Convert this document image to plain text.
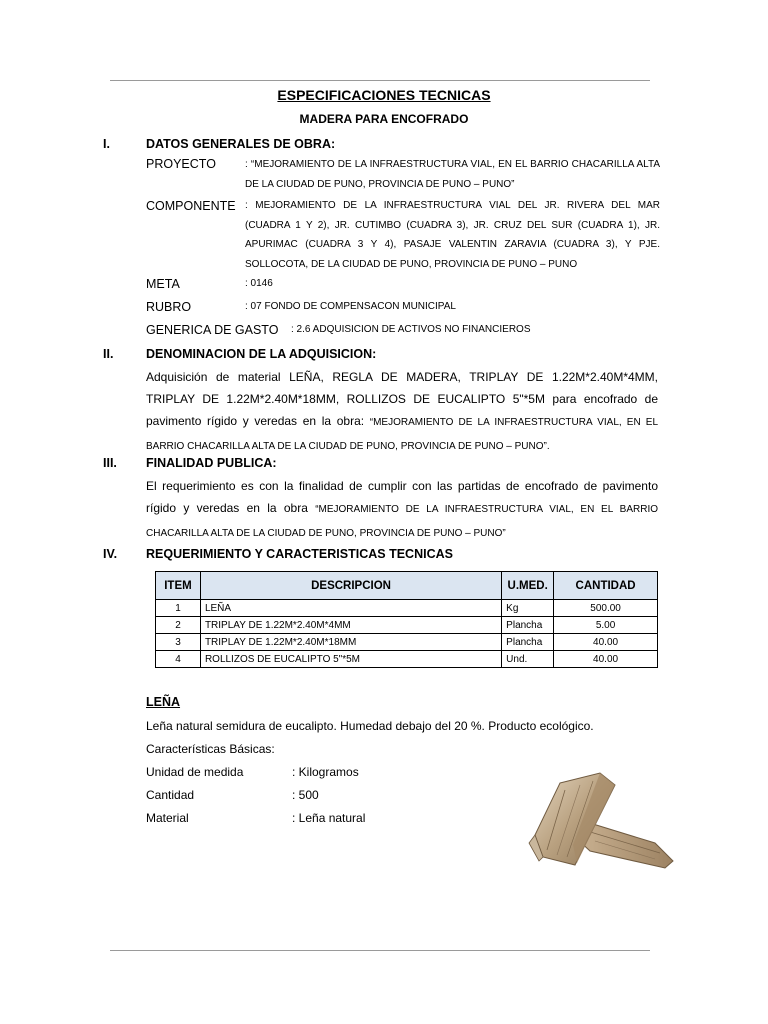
ESPECIFICACIONES TECNICAS
MADERA PARA ENCOFRADO
I.	DATOS GENERALES DE OBRA:
PROYECTO	: “MEJORAMIENTO DE LA INFRAESTRUCTURA VIAL, EN EL BARRIO CHACARILLA ALTA DE LA CIUDAD DE PUNO, PROVINCIA DE PUNO – PUNO”
COMPONENTE : MEJORAMIENTO DE LA INFRAESTRUCTURA VIAL DEL JR. RIVERA DEL MAR (CUADRA 1 Y 2), JR. CUTIMBO (CUADRA 3), JR. CRUZ DEL SUR (CUADRA 1), JR. APURIMAC (CUADRA 3 Y 4), PASAJE VALENTIN ZARAVIA (CUADRA 3), Y PJE. SOLLOCOTA, DE LA CIUDAD DE PUNO, PROVINCIA DE PUNO – PUNO
META	: 0146
RUBRO	: 07 FONDO DE COMPENSACON MUNICIPAL
GENERICA DE GASTO : 2.6 ADQUISICION DE ACTIVOS NO FINANCIEROS
II.	DENOMINACION DE LA ADQUISICION:
Adquisición de material LEÑA, REGLA DE MADERA, TRIPLAY DE 1.22M*2.40M*4MM, TRIPLAY DE 1.22M*2.40M*18MM, ROLLIZOS DE EUCALIPTO 5"*5M para encofrado de pavimento rígido y veredas en la obra: “MEJORAMIENTO DE LA INFRAESTRUCTURA VIAL, EN EL BARRIO CHACARILLA ALTA DE LA CIUDAD DE PUNO, PROVINCIA DE PUNO – PUNO”.
III. FINALIDAD PUBLICA:
El requerimiento es con la finalidad de cumplir con las partidas de encofrado de pavimento rígido y veredas en la obra “MEJORAMIENTO DE LA INFRAESTRUCTURA VIAL, EN EL BARRIO CHACARILLA ALTA DE LA CIUDAD DE PUNO, PROVINCIA DE PUNO – PUNO”
IV. REQUERIMIENTO Y CARACTERISTICAS TECNICAS
ITEM	DESCRIPCION	U.MED.	CANTIDAD
1	LEÑA	Kg	500.00
2	TRIPLAY DE 1.22M*2.40M*4MM	Plancha	5.00
3	TRIPLAY DE 1.22M*2.40M*18MM	Plancha	40.00
4	ROLLIZOS DE EUCALIPTO 5"*5M	Und.	40.00
LEÑA
Leña natural semidura de eucalipto. Humedad debajo del 20 %. Producto ecológico.
Características Básicas:
Unidad de medida	: Kilogramos
Cantidad	: 500
Material	: Leña natural
